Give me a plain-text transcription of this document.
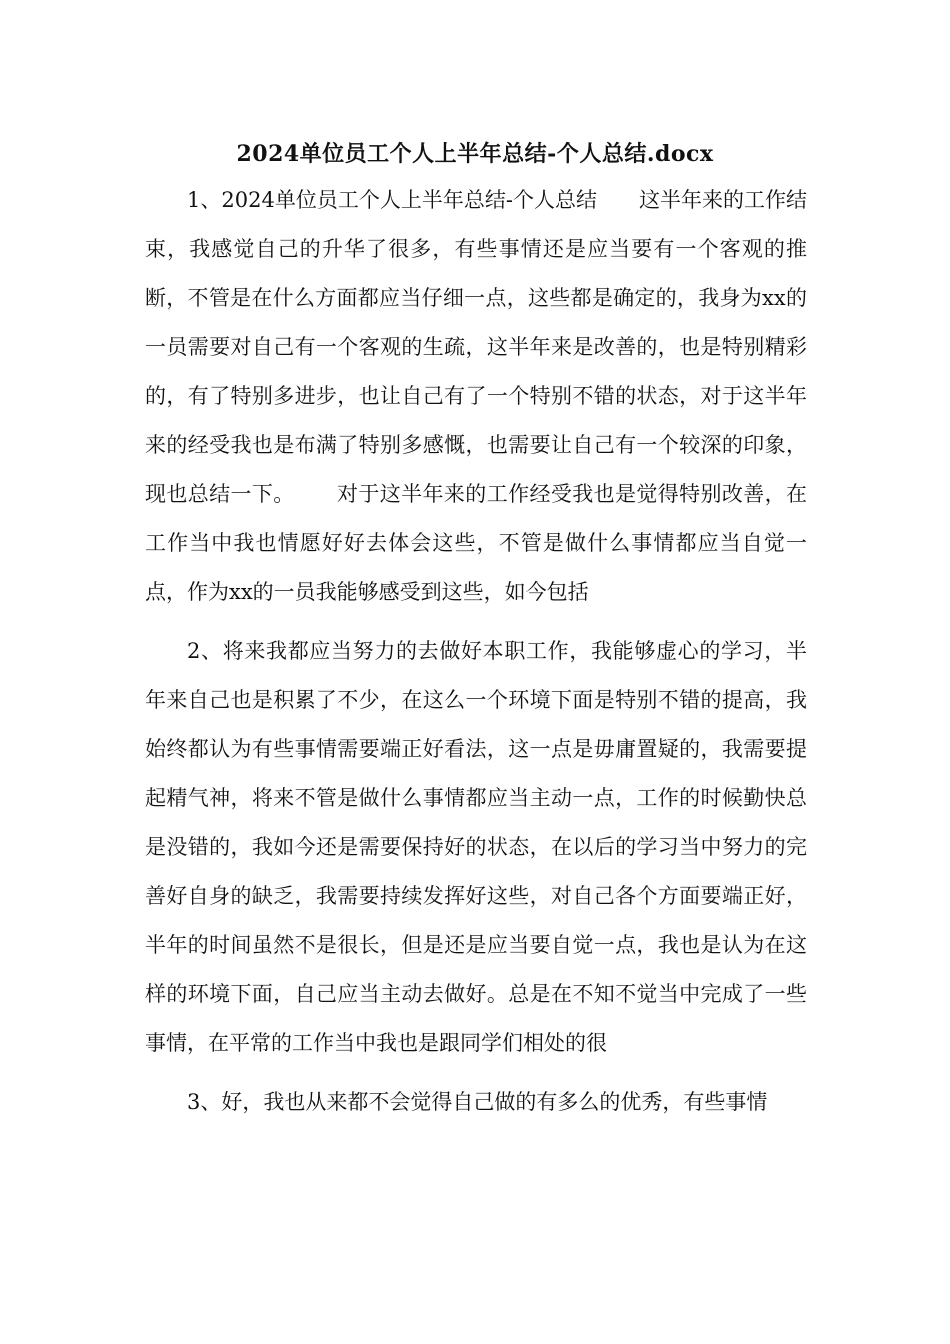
2024单位员工个人上半年总结-个人总结.docx

1、2024单位员工个人上半年总结-个人总结 这半年来的工作结束，我感觉自己的升华了很多，有些事情还是应当要有一个客观的推断，不管是在什么方面都应当仔细一点，这些都是确定的，我身为xx的一员需要对自己有一个客观的生疏，这半年来是改善的，也是特别精彩的，有了特别多进步，也让自己有了一个特别不错的状态，对于这半年来的经受我也是布满了特别多感慨，也需要让自己有一个较深的印象，现也总结一下。 对于这半年来的工作经受我也是觉得特别改善，在工作当中我也情愿好好去体会这些，不管是做什么事情都应当自觉一点，作为xx的一员我能够感受到这些，如今包括

2、将来我都应当努力的去做好本职工作，我能够虚心的学习，半年来自己也是积累了不少，在这么一个环境下面是特别不错的提高，我始终都认为有些事情需要端正好看法，这一点是毋庸置疑的，我需要提起精气神，将来不管是做什么事情都应当主动一点，工作的时候勤快总是没错的，我如今还是需要保持好的状态，在以后的学习当中努力的完善好自身的缺乏，我需要持续发挥好这些，对自己各个方面要端正好，半年的时间虽然不是很长，但是还是应当要自觉一点，我也是认为在这样的环境下面，自己应当主动去做好。总是在不知不觉当中完成了一些事情，在平常的工作当中我也是跟同学们相处的很

3、好，我也从来都不会觉得自己做的有多么的优秀，有些事情
